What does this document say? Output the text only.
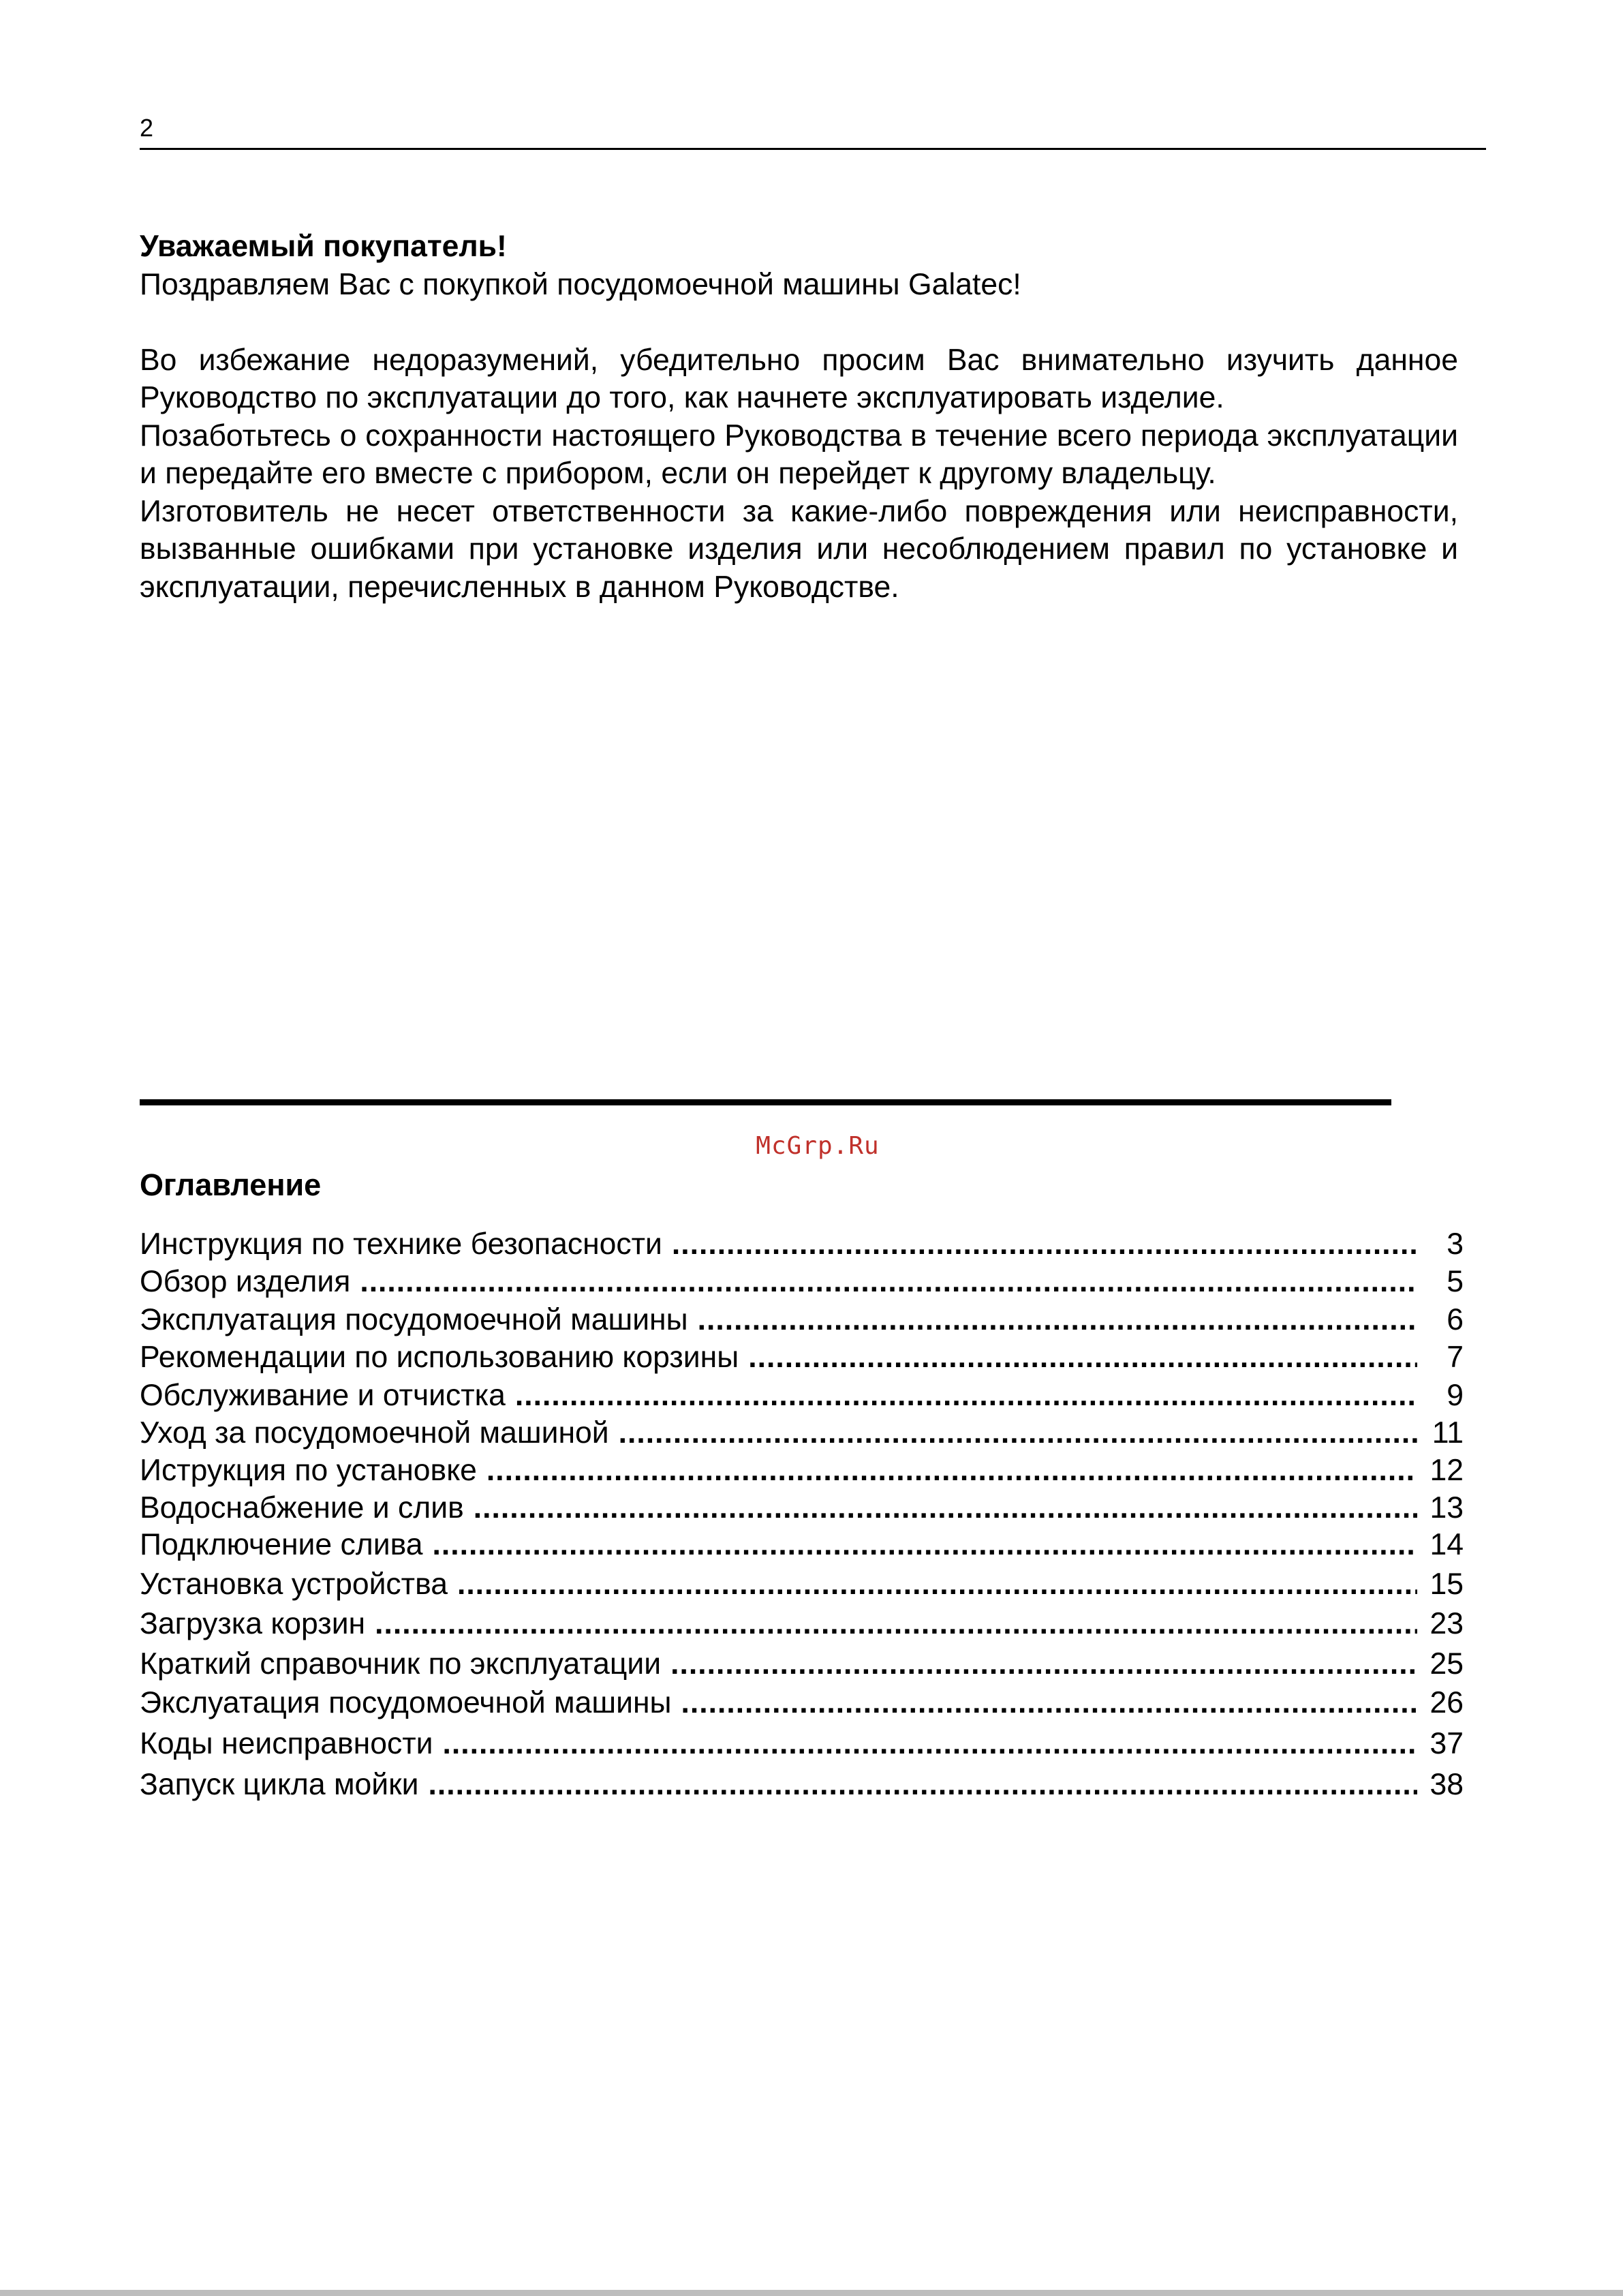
2

Уважаемый покупатель!

Поздравляем Вас с покупкой посудомоечной машины Galatec!

Во избежание недоразумений, убедительно просим Вас внимательно изучить данное Руководство по эксплуатации до того, как начнете эксплуатировать изделие.

Позаботьтесь о сохранности настоящего Руководства в течение всего периода эксплуатации и передайте его вместе с прибором, если он перейдет к другому владельцу.

Изготовитель не несет ответственности за какие-либо повреждения или неисправности, вызванные ошибками при установке изделия или несоблюдением правил по установке и эксплуатации, перечисленных в данном Руководстве.

McGrp.Ru
Оглавление
Инструкция по технике безопасности .....	3
Обзор изделия .....	5
Эксплуатация посудомоечной машины .....	6
Рекомендации по использованию корзины .....	7
Обслуживание и отчистка .....	9
Уход за посудомоечной машиной .....	11
Иструкция по установке .....	12
Водоснабжение и слив .....	13
Подключение слива .....	14
Установка устройства .....	15
Загрузка корзин .....	23
Краткий справочник по эксплуатации .....	25
Экслуатация посудомоечной машины .....	26
Коды неисправности .....	37
Запуск цикла мойки .....	38
